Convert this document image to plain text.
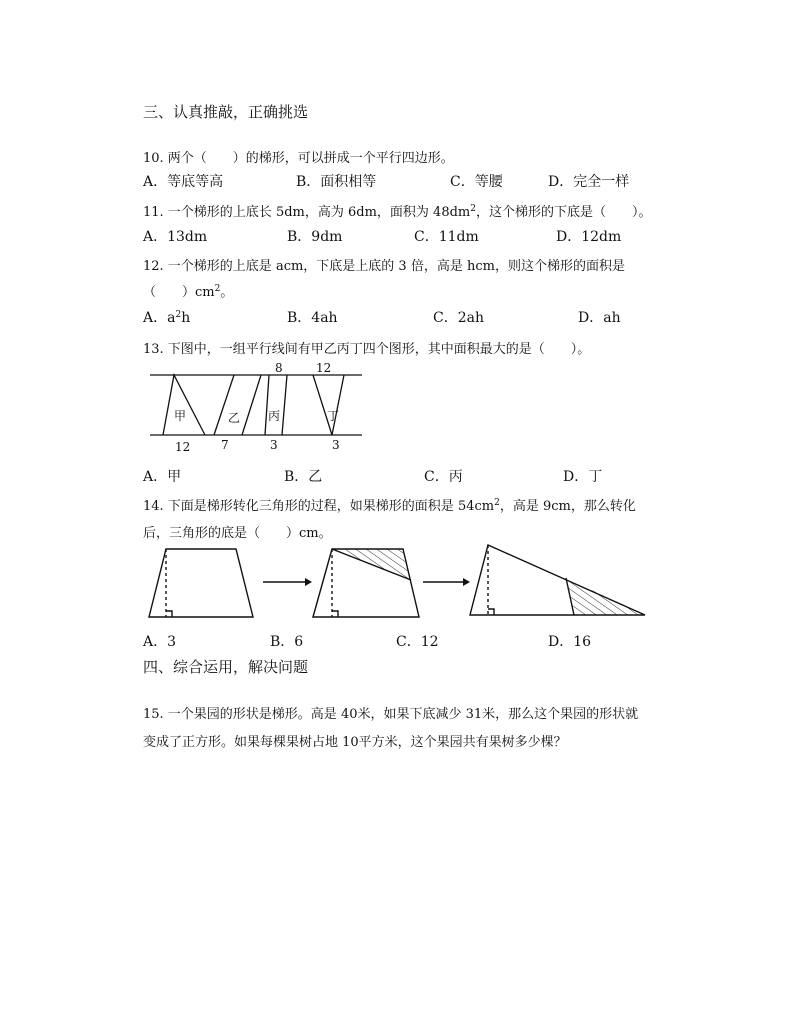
三、认真推敲，正确挑选
10. 两个（　　）的梯形，可以拼成一个平行四边形。
A．等底等高	B．面积相等	C．等腰	D．完全一样
11. 一个梯形的上底长 5dm，高为 6dm，面积为 $48dm^2$，这个梯形的下底是（　　）。
A．13dm	B．9dm	C．11dm	D．12dm
12. 一个梯形的上底是 acm，下底是上底的 3 倍，高是 hcm，则这个梯形的面积是
（　　）$cm^2$。
A．$a^2h$	B．4ah	C．2ah	D．ah
13. 下图中，一组平行线间有甲乙丙丁四个图形，其中面积最大的是（　　）。
甲	乙 丙	丁
8	12
12	7	3	3
A．甲	B．乙	C．丙	D．丁
14. 下面是梯形转化三角形的过程，如果梯形的面积是 $54cm^2$，高是 9cm，那么转化
后，三角形的底是（　　）cm。
A．3	B．6	C．12	D．16
四、综合运用，解决问题
15. 一个果园的形状是梯形。高是 40米，如果下底减少 31米，那么这个果园的形状就
变成了正方形。如果每棵果树占地 10平方米，这个果园共有果树多少棵？
